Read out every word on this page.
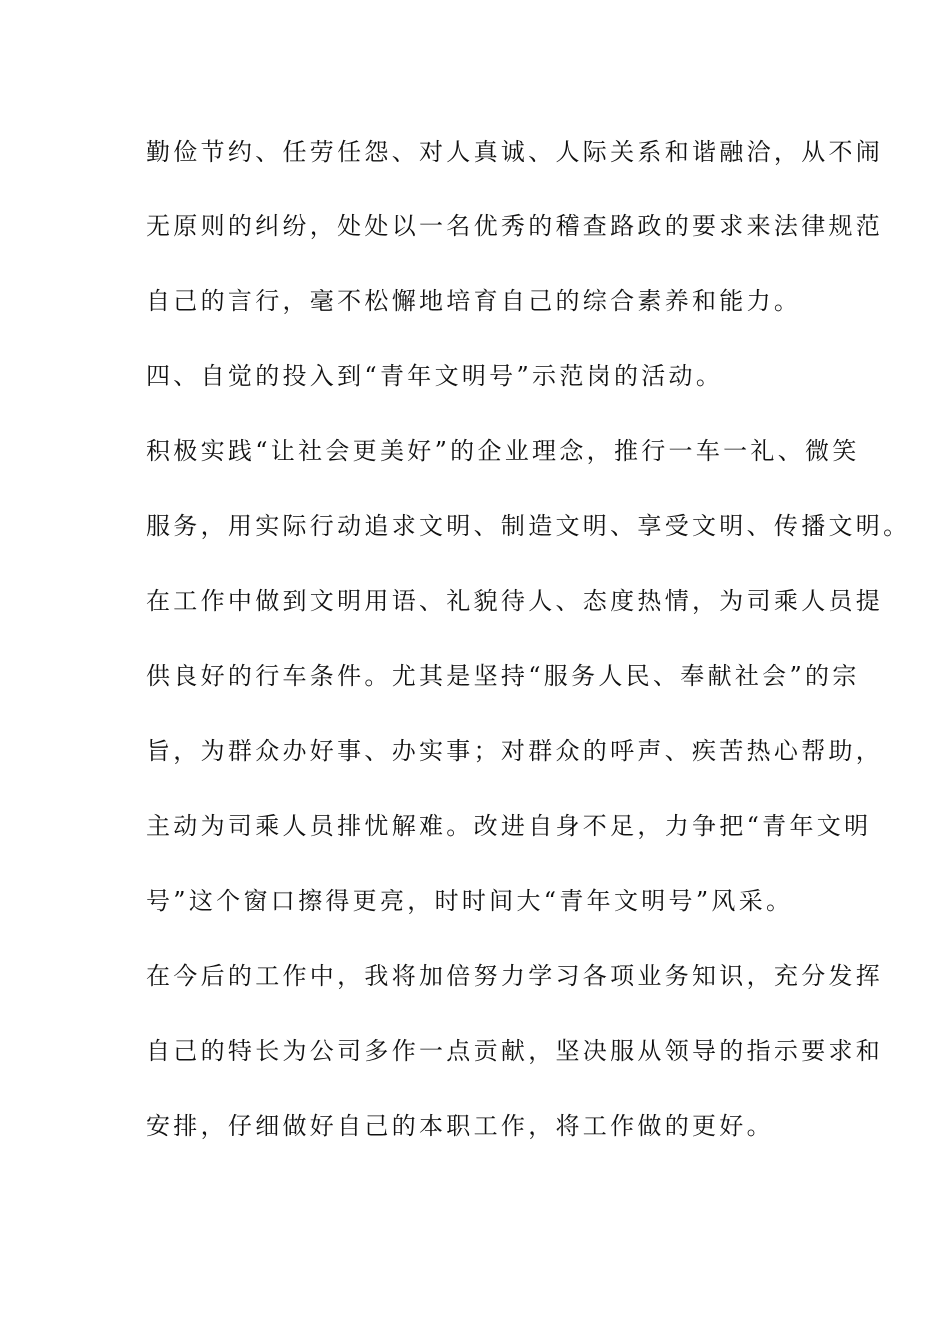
勤俭节约、任劳任怨、对人真诚、人际关系和谐融洽，从不闹

无原则的纠纷，处处以一名优秀的稽查路政的要求来法律规范

自己的言行，毫不松懈地培育自己的综合素养和能力。

四、自觉的投入到“青年文明号”示范岗的活动。

积极实践“让社会更美好”的企业理念，推行一车一礼、微笑

服务，用实际行动追求文明、制造文明、享受文明、传播文明。

在工作中做到文明用语、礼貌待人、态度热情，为司乘人员提

供良好的行车条件。尤其是坚持“服务人民、奉献社会”的宗

旨，为群众办好事、办实事；对群众的呼声、疾苦热心帮助，

主动为司乘人员排忧解难。改进自身不足，力争把“青年文明

号”这个窗口擦得更亮，时时间大“青年文明号”风采。

在今后的工作中，我将加倍努力学习各项业务知识，充分发挥

自己的特长为公司多作一点贡献，坚决服从领导的指示要求和

安排，仔细做好自己的本职工作，将工作做的更好。
